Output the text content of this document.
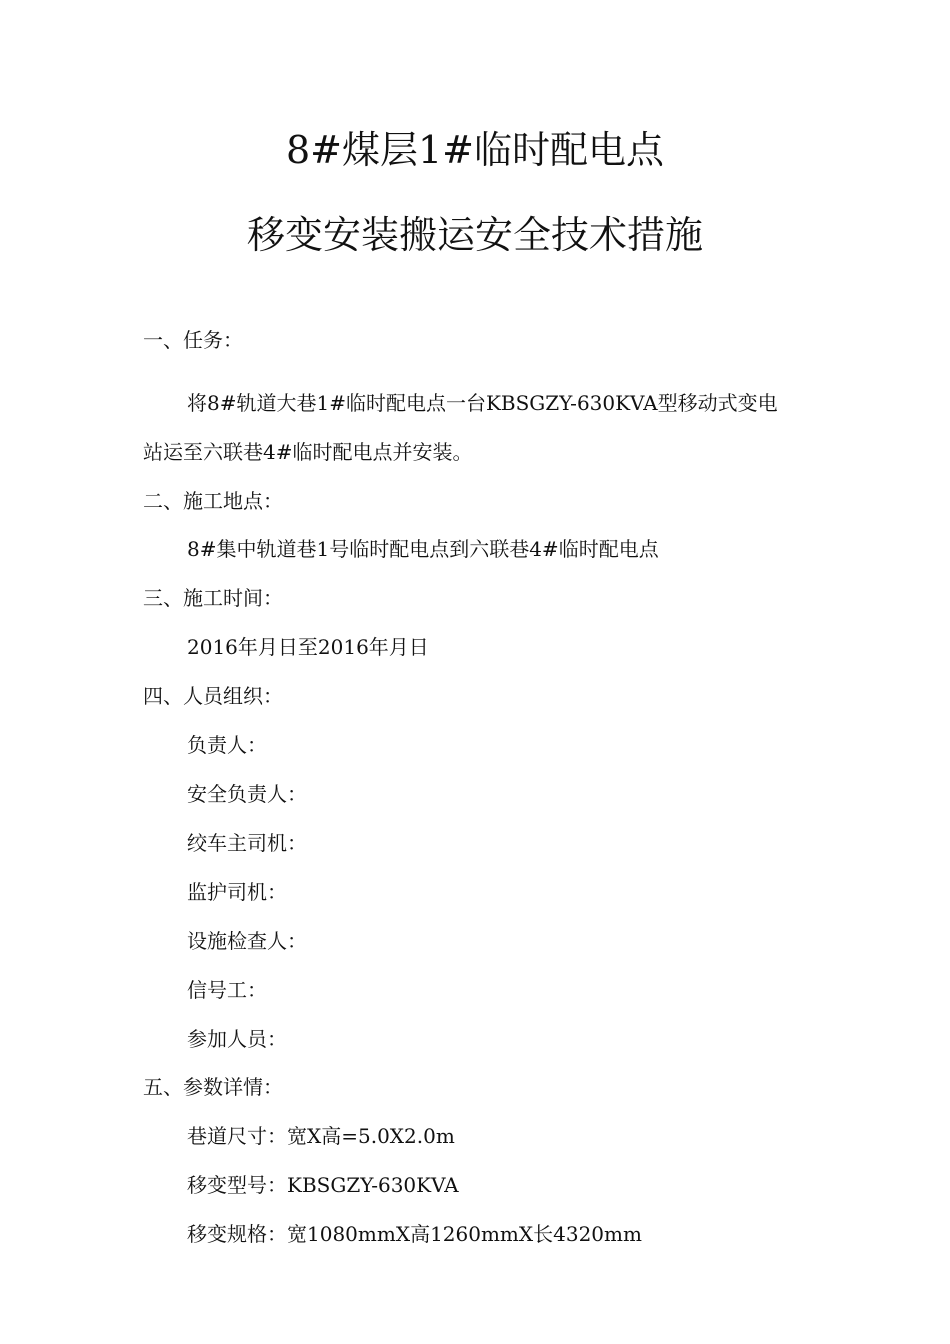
8#煤层1#临时配电点
移变安装搬运安全技术措施
一、任务：
将8#轨道大巷1#临时配电点一台KBSGZY-630KVA型移动式变电
站运至六联巷4#临时配电点并安装。
二、施工地点：
8#集中轨道巷1号临时配电点到六联巷4#临时配电点
三、施工时间：
2016年月日至2016年月日
四、人员组织：
负责人：
安全负责人：
绞车主司机：
监护司机：
设施检查人：
信号工：
参加人员：
五、参数详情：
巷道尺寸：宽X高=5.0X2.0m
移变型号：KBSGZY-630KVA
移变规格：宽1080mmX高1260mmX长4320mm
